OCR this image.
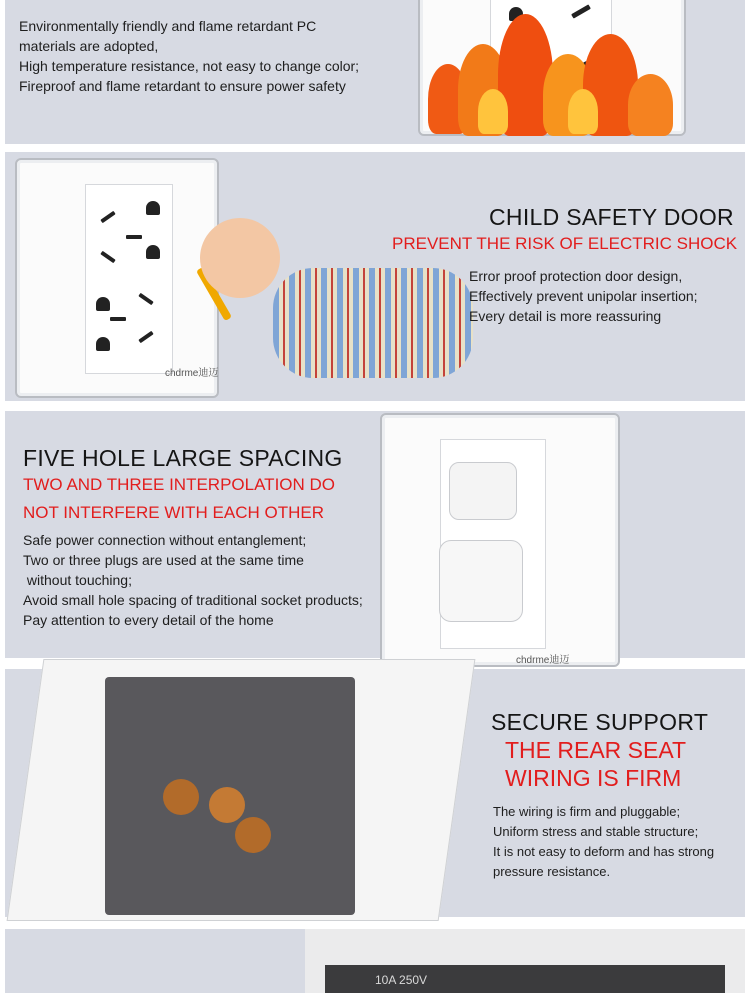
Environmentally friendly and flame retardant PC
materials are adopted,
High temperature resistance, not easy to change color;
Fireproof and flame retardant to ensure power safety
chdrme迪迈
CHILD SAFETY DOOR
PREVENT THE RISK OF ELECTRIC SHOCK
Error proof protection door design,
Effectively prevent unipolar insertion;
Every detail is more reassuring
FIVE HOLE LARGE SPACING
TWO AND THREE INTERPOLATION DO
NOT INTERFERE WITH EACH OTHER
Safe power connection without entanglement;
Two or three plugs are used at the same time
without touching;
Avoid small hole spacing of traditional socket products;
Pay attention to every detail of the home
chdrme迪迈
SECURE SUPPORT
THE REAR SEAT
WIRING IS FIRM
The wiring is firm and pluggable;
Uniform stress and stable structure;
It is not easy to deform and has strong
pressure resistance.
10A 250V
